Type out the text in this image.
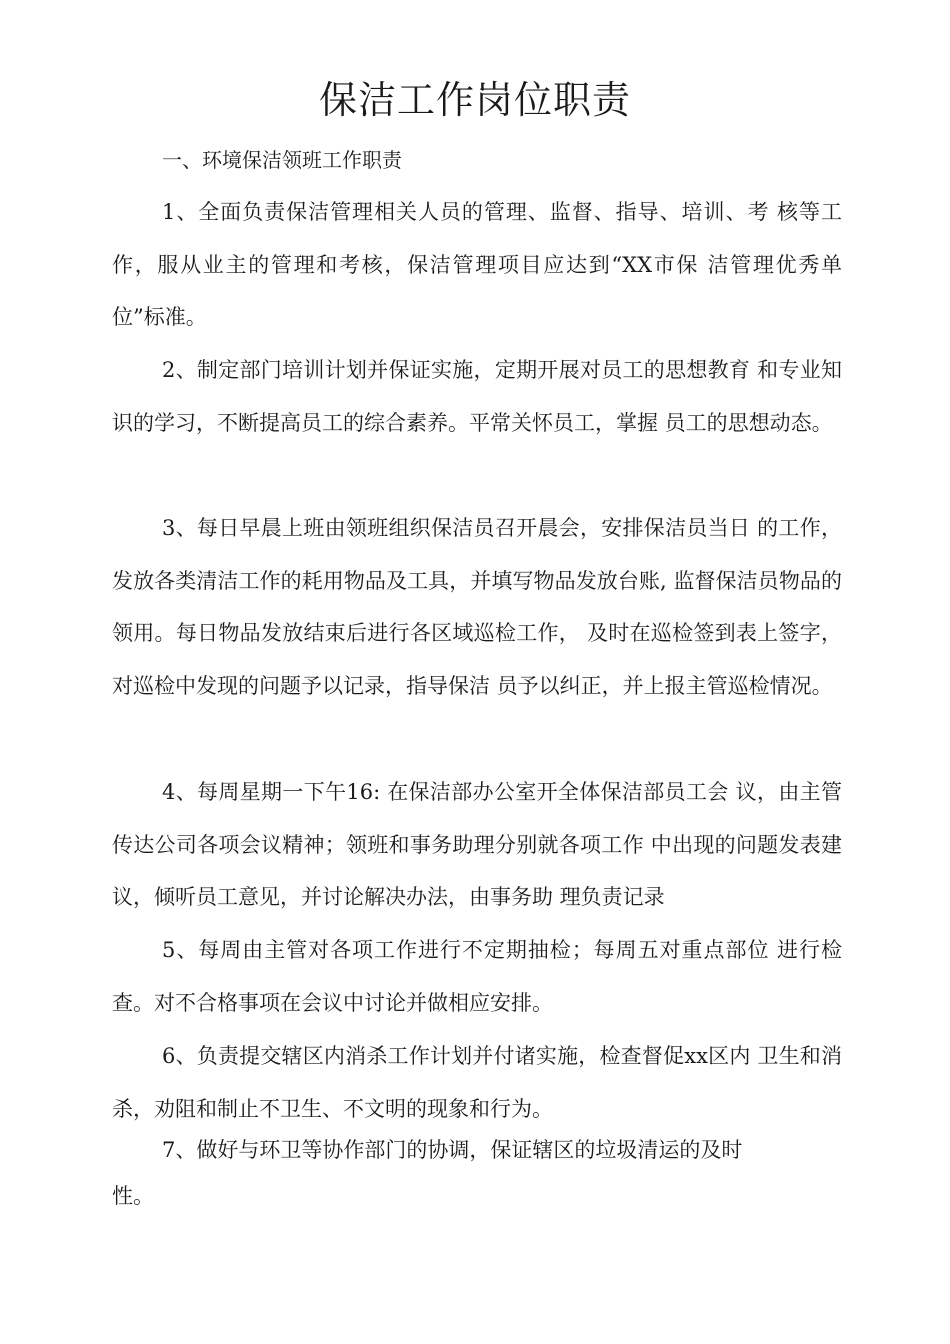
保洁工作岗位职责

一、环境保洁领班工作职责

1、全面负责保洁管理相关人员的管理、监督、指导、培训、考 核等工作，服从业主的管理和考核，保洁管理项目应达到“XX市保 洁管理优秀单位”标准。

2、制定部门培训计划并保证实施，定期开展对员工的思想教育 和专业知识的学习，不断提高员工的综合素养。平常关怀员工，掌握 员工的思想动态。

3、每日早晨上班由领班组织保洁员召开晨会，安排保洁员当日 的工作，发放各类清洁工作的耗用物品及工具，并填写物品发放台账, 监督保洁员物品的领用。每日物品发放结束后进行各区域巡检工作， 及时在巡检签到表上签字，对巡检中发现的问题予以记录，指导保洁 员予以纠正，并上报主管巡检情况。

4、每周星期一下午16: 在保洁部办公室开全体保洁部员工会 议，由主管传达公司各项会议精神；领班和事务助理分别就各项工作 中出现的问题发表建议，倾听员工意见，并讨论解决办法，由事务助 理负责记录

5、每周由主管对各项工作进行不定期抽检；每周五对重点部位 进行检查。对不合格事项在会议中讨论并做相应安排。

6、负责提交辖区内消杀工作计划并付诸实施，检查督促xx区内 卫生和消杀，劝阻和制止不卫生、不文明的现象和行为。

7、做好与环卫等协作部门的协调，保证辖区的垃圾清运的及时

性。
